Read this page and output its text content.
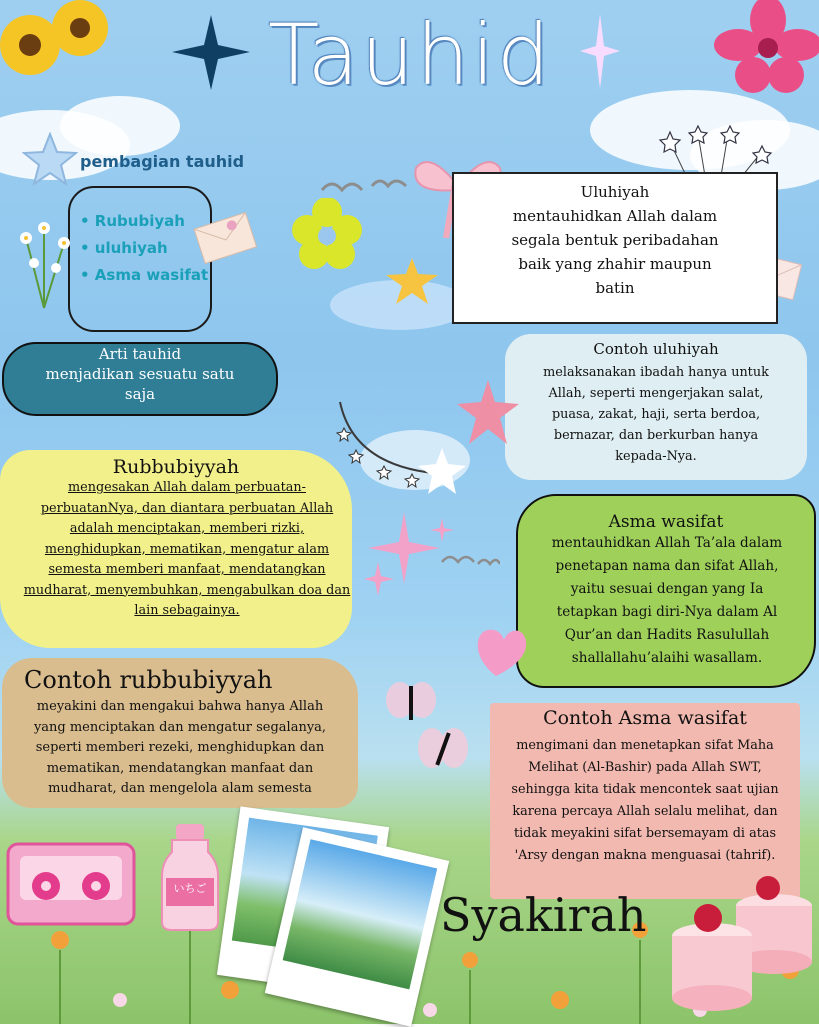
Tauhid
pembagian tauhid
• Rububiyah
• uluhiyah
• Asma wasifat
Arti tauhid
menjadikan sesuatu satu
saja
Uluhiyah
mentauhidkan Allah dalam
segala bentuk peribadahan
baik yang zhahir maupun
batin
Contoh uluhiyah
melaksanakan ibadah hanya untuk
Allah, seperti mengerjakan salat,
puasa, zakat, haji, serta berdoa,
bernazar, dan berkurban hanya
kepada-Nya.
Rubbubiyyah
mengesakan Allah dalam perbuatan-
perbuatanNya, dan diantara perbuatan Allah
adalah menciptakan, memberi rizki,
menghidupkan, mematikan, mengatur alam
semesta memberi manfaat, mendatangkan
mudharat, menyembuhkan, mengabulkan doa dan
lain sebagainya.
Asma wasifat
mentauhidkan Allah Ta’ala dalam
penetapan nama dan sifat Allah,
yaitu sesuai dengan yang Ia
tetapkan bagi diri-Nya dalam Al
Qur’an dan Hadits Rasulullah
shallallahu’alaihi wasallam.
Contoh rubbubiyyah
meyakini dan mengakui bahwa hanya Allah
yang menciptakan dan mengatur segalanya,
seperti memberi rezeki, menghidupkan dan
mematikan, mendatangkan manfaat dan
mudharat, dan mengelola alam semesta
Contoh Asma wasifat
mengimani dan menetapkan sifat Maha
Melihat (Al-Bashir) pada Allah SWT,
sehingga kita tidak mencontek saat ujian
karena percaya Allah selalu melihat, dan
tidak meyakini sifat bersemayam di atas
'Arsy dengan makna menguasai (tahrif).
いちご	Syakirah
